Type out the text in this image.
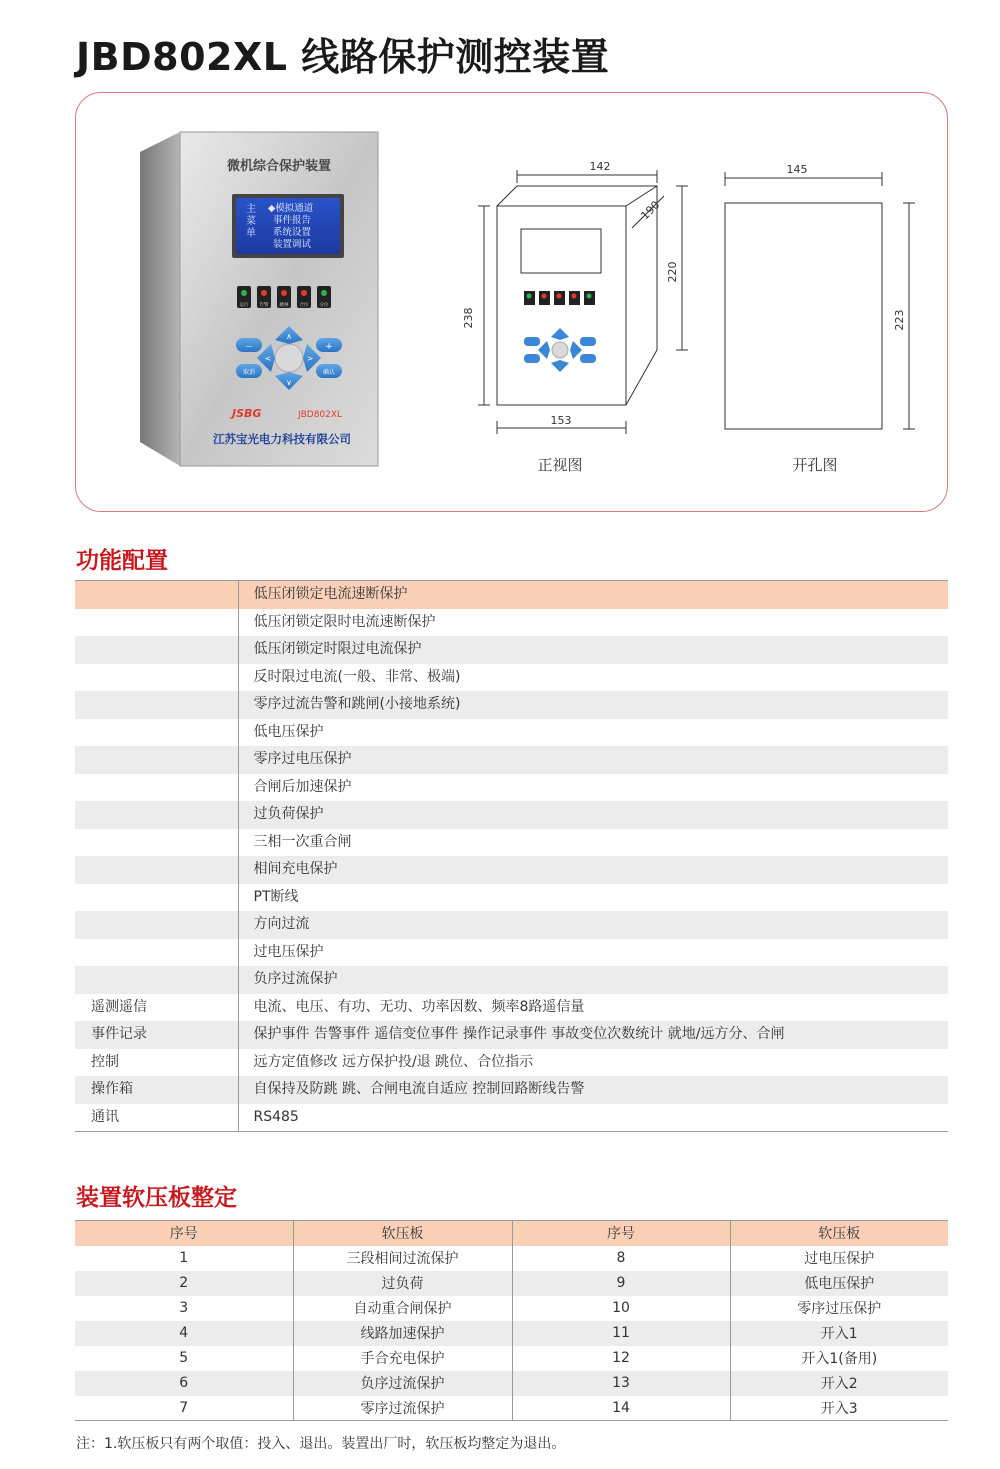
JBD802XL 线路保护测控装置
微机综合保护装置
主
菜
单
◆模拟通道
事件报告
系统设置
装置调试
运行 告警 跳闸 合位 分位
∧
∨
<	>
—	+
取消	确认
JSBG	JBD802XL
江苏宝光电力科技有限公司
142
190
220
238
153
145
223
正视图	开孔图
功能配置
	低压闭锁定电流速断保护
	低压闭锁定限时电流速断保护
	低压闭锁定时限过电流保护
	反时限过电流(一般、非常、极端)
	零序过流告警和跳闸(小接地系统)
	低电压保护
	零序过电压保护
	合闸后加速保护
	过负荷保护
	三相一次重合闸
	相间充电保护
	PT断线
	方向过流
	过电压保护
	负序过流保护
遥测遥信	电流、电压、有功、无功、功率因数、频率8路遥信量
事件记录	保护事件 告警事件 遥信变位事件 操作记录事件 事故变位次数统计 就地/远方分、合闸
控制	远方定值修改 远方保护投/退 跳位、合位指示
操作箱	自保持及防跳 跳、合闸电流自适应 控制回路断线告警
通讯	RS485
装置软压板整定
序号	软压板	序号	软压板
1	三段相间过流保护	8	过电压保护
2	过负荷	9	低电压保护
3	自动重合闸保护	10	零序过压保护
4	线路加速保护	11	开入1
5	手合充电保护	12	开入1(备用)
6	负序过流保护	13	开入2
7	零序过流保护	14	开入3
注：1.软压板只有两个取值：投入、退出。装置出厂时，软压板均整定为退出。
